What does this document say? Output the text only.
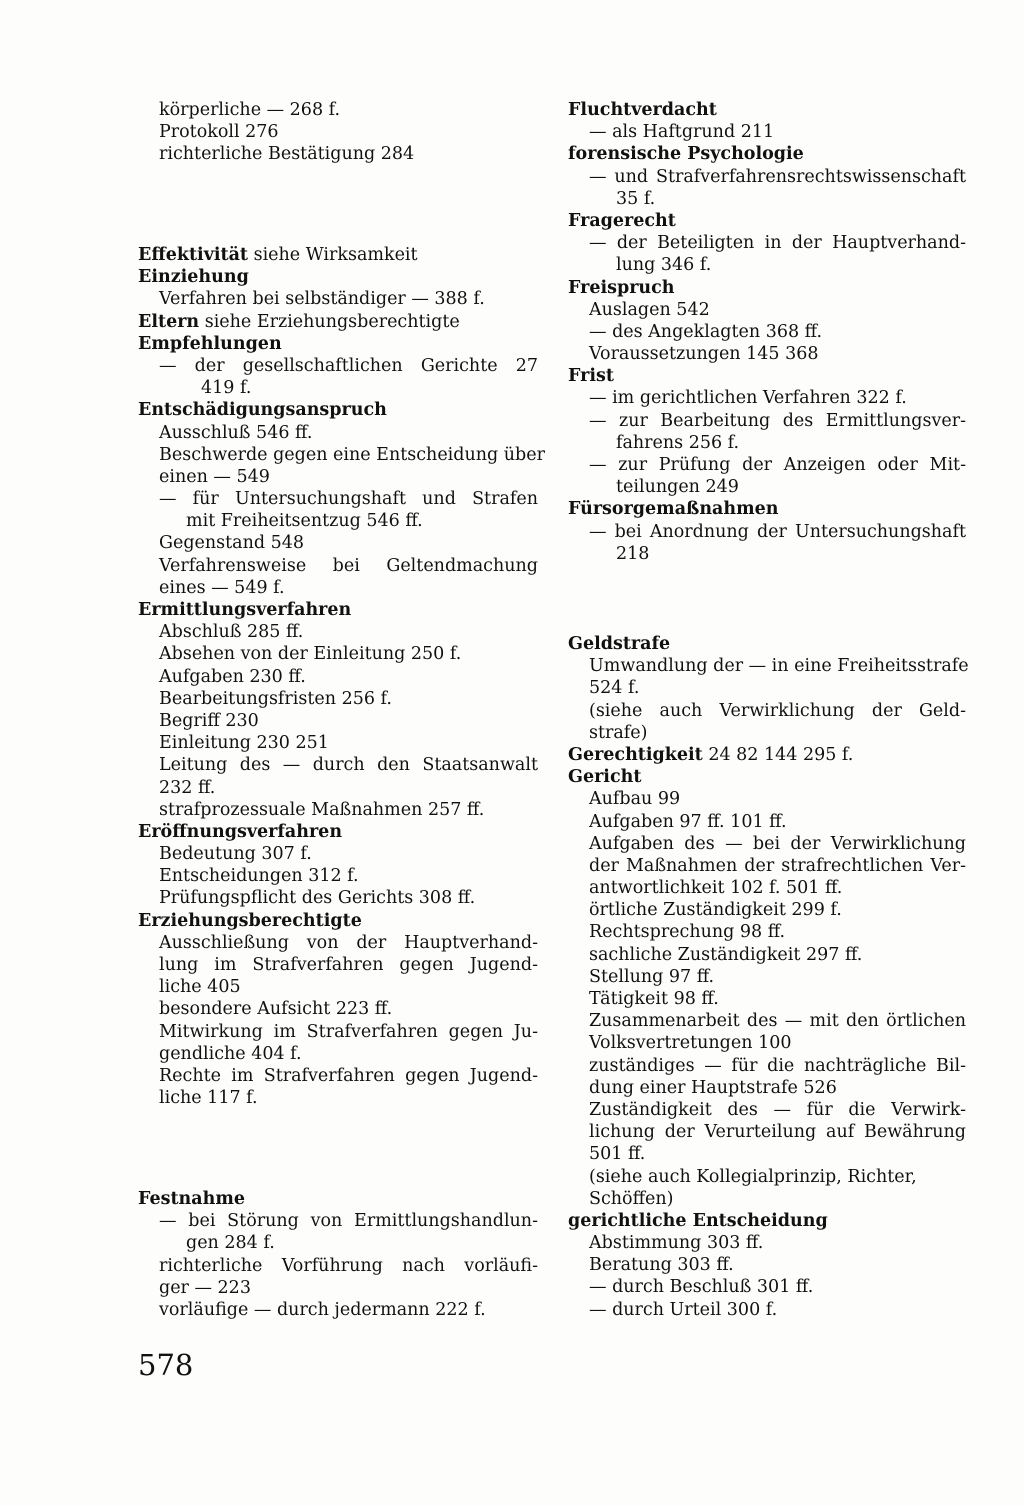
körperliche — 268 f.
Protokoll 276
richterliche Bestätigung 284
Effektivität siehe Wirksamkeit
Einziehung
Verfahren bei selbständiger — 388 f.
Eltern siehe Erziehungsberechtigte
Empfehlungen
— der gesellschaftlichen Gerichte 27
419 f.
Entschädigungsanspruch
Ausschluß 546 ff.
Beschwerde gegen eine Entscheidung über
einen — 549
— für Untersuchungshaft und Strafen
mit Freiheitsentzug 546 ff.
Gegenstand 548
Verfahrensweise bei Geltendmachung
eines — 549 f.
Ermittlungsverfahren
Abschluß 285 ff.
Absehen von der Einleitung 250 f.
Aufgaben 230 ff.
Bearbeitungsfristen 256 f.
Begriff 230
Einleitung 230 251
Leitung des — durch den Staatsanwalt
232 ff.
strafprozessuale Maßnahmen 257 ff.
Eröffnungsverfahren
Bedeutung 307 f.
Entscheidungen 312 f.
Prüfungspflicht des Gerichts 308 ff.
Erziehungsberechtigte
Ausschließung von der Hauptverhand-
lung im Strafverfahren gegen Jugend-
liche 405
besondere Aufsicht 223 ff.
Mitwirkung im Strafverfahren gegen Ju-
gendliche 404 f.
Rechte im Strafverfahren gegen Jugend-
liche 117 f.
Festnahme
— bei Störung von Ermittlungshandlun-
gen 284 f.
richterliche Vorführung nach vorläufi-
ger — 223
vorläufige — durch jedermann 222 f.
Fluchtverdacht
— als Haftgrund 211
forensische Psychologie
— und Strafverfahrensrechtswissenschaft
35 f.
Fragerecht
— der Beteiligten in der Hauptverhand-
lung 346 f.
Freispruch
Auslagen 542
— des Angeklagten 368 ff.
Voraussetzungen 145 368
Frist
— im gerichtlichen Verfahren 322 f.
— zur Bearbeitung des Ermittlungsver-
fahrens 256 f.
— zur Prüfung der Anzeigen oder Mit-
teilungen 249
Fürsorgemaßnahmen
— bei Anordnung der Untersuchungshaft
218
Geldstrafe
Umwandlung der — in eine Freiheitsstrafe
524 f.
(siehe auch Verwirklichung der Geld-
strafe)
Gerechtigkeit 24 82 144 295 f.
Gericht
Aufbau 99
Aufgaben 97 ff. 101 ff.
Aufgaben des — bei der Verwirklichung
der Maßnahmen der strafrechtlichen Ver-
antwortlichkeit 102 f. 501 ff.
örtliche Zuständigkeit 299 f.
Rechtsprechung 98 ff.
sachliche Zuständigkeit 297 ff.
Stellung 97 ff.
Tätigkeit 98 ff.
Zusammenarbeit des — mit den örtlichen
Volksvertretungen 100
zuständiges — für die nachträgliche Bil-
dung einer Hauptstrafe 526
Zuständigkeit des — für die Verwirk-
lichung der Verurteilung auf Bewährung
501 ff.
(siehe auch Kollegialprinzip, Richter,
Schöffen)
gerichtliche Entscheidung
Abstimmung 303 ff.
Beratung 303 ff.
— durch Beschluß 301 ff.
— durch Urteil 300 f.
578
